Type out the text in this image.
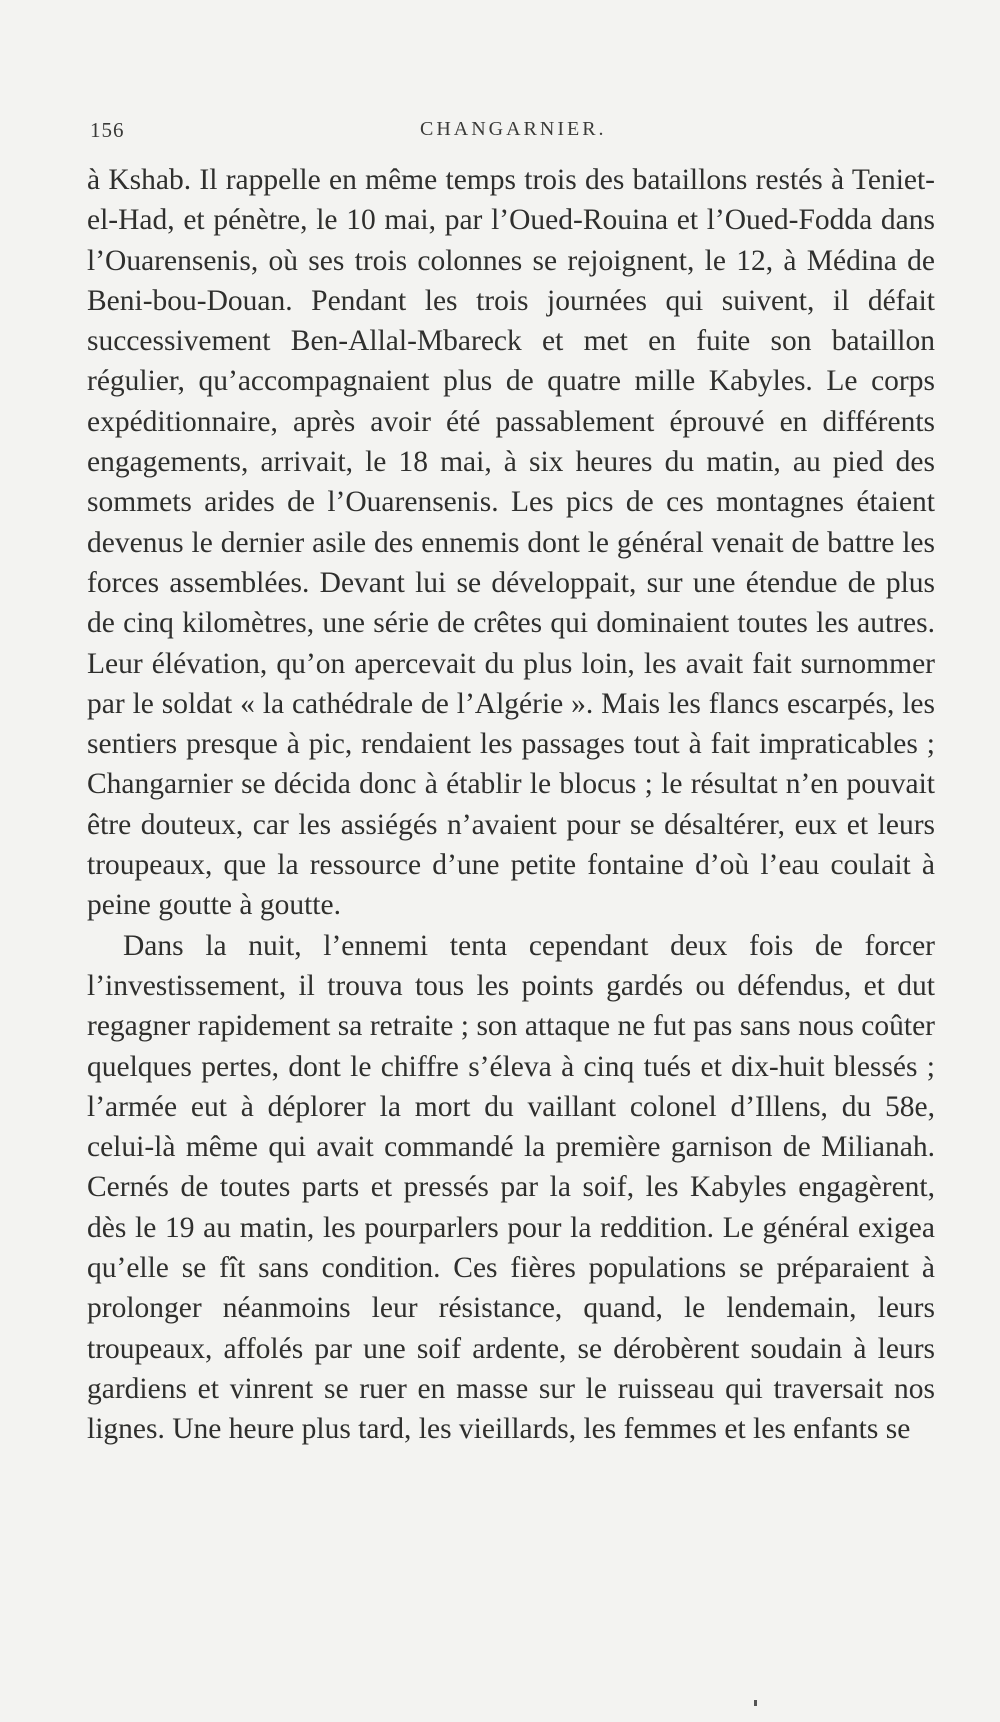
156	CHANGARNIER.

à Kshab. Il rappelle en même temps trois des bataillons restés à Teniet-el-Had, et pénètre, le 10 mai, par l’Oued-Rouina et l’Oued-Fodda dans l’Ouarensenis, où ses trois colonnes se rejoignent, le 12, à Médina de Beni-bou-Douan. Pendant les trois journées qui suivent, il défait successivement Ben-Allal-Mbareck et met en fuite son bataillon régulier, qu’accompagnaient plus de quatre mille Kabyles. Le corps expéditionnaire, après avoir été passablement éprouvé en différents engagements, arrivait, le 18 mai, à six heures du matin, au pied des sommets arides de l’Ouarensenis. Les pics de ces montagnes étaient devenus le dernier asile des ennemis dont le général venait de battre les forces assemblées. Devant lui se développait, sur une étendue de plus de cinq kilomètres, une série de crêtes qui dominaient toutes les autres. Leur élévation, qu’on apercevait du plus loin, les avait fait surnommer par le soldat « la cathédrale de l’Algérie ». Mais les flancs escarpés, les sentiers presque à pic, rendaient les passages tout à fait impraticables ; Changarnier se décida donc à établir le blocus ; le résultat n’en pouvait être douteux, car les assiégés n’avaient pour se désaltérer, eux et leurs troupeaux, que la ressource d’une petite fontaine d’où l’eau coulait à peine goutte à goutte.

Dans la nuit, l’ennemi tenta cependant deux fois de forcer l’investissement, il trouva tous les points gardés ou défendus, et dut regagner rapidement sa retraite ; son attaque ne fut pas sans nous coûter quelques pertes, dont le chiffre s’éleva à cinq tués et dix-huit blessés ; l’armée eut à déplorer la mort du vaillant colonel d’Illens, du 58e, celui-là même qui avait commandé la première garnison de Milianah. Cernés de toutes parts et pressés par la soif, les Kabyles engagèrent, dès le 19 au matin, les pourparlers pour la reddition. Le général exigea qu’elle se fît sans condition. Ces fières populations se préparaient à prolonger néanmoins leur résistance, quand, le lendemain, leurs troupeaux, affolés par une soif ardente, se dérobèrent soudain à leurs gardiens et vinrent se ruer en masse sur le ruisseau qui traversait nos lignes. Une heure plus tard, les vieillards, les femmes et les enfants se
